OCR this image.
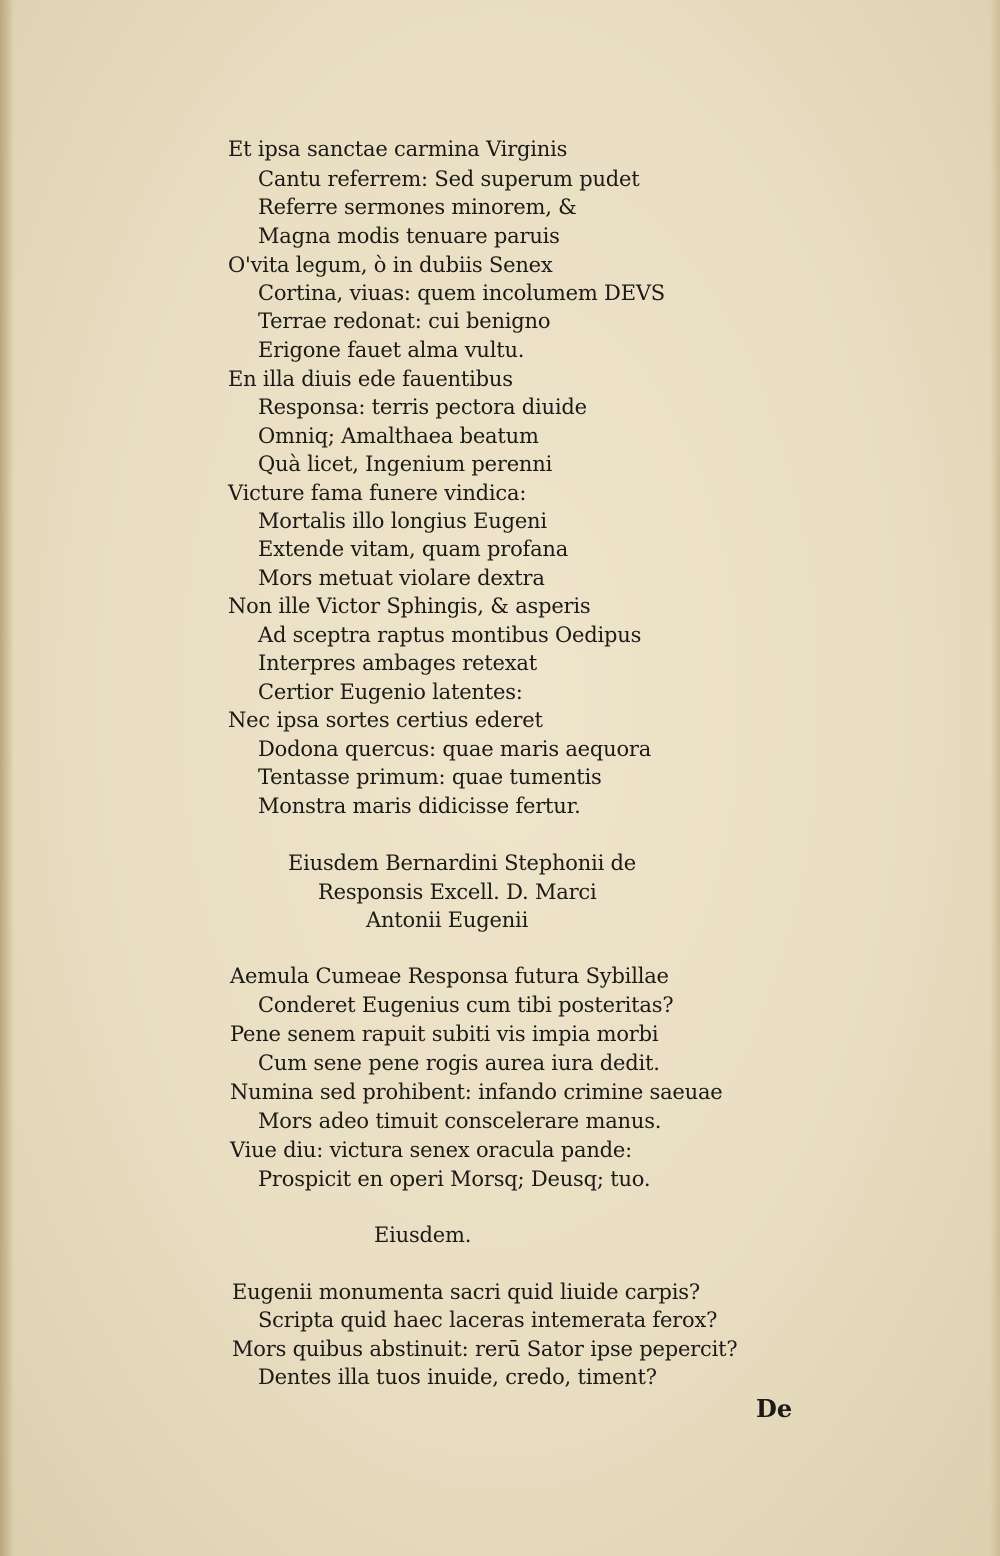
Et ipsa sanctae carmina Virginis
Cantu referrem: Sed superum pudet
Referre sermones minorem, &
Magna modis tenuare paruis
O'vita legum, ò in dubiis Senex
Cortina, viuas: quem incolumem DEVS
Terrae redonat: cui benigno
Erigone fauet alma vultu.
En illa diuis ede fauentibus
Responsa: terris pectora diuide
Omniq; Amalthaea beatum
Quà licet, Ingenium perenni
Victure fama funere vindica:
Mortalis illo longius Eugeni
Extende vitam, quam profana
Mors metuat violare dextra
Non ille Victor Sphingis, & asperis
Ad sceptra raptus montibus Oedipus
Interpres ambages retexat
Certior Eugenio latentes:
Nec ipsa sortes certius ederet
Dodona quercus: quae maris aequora
Tentasse primum: quae tumentis
Monstra maris didicisse fertur.
Eiusdem Bernardini Stephonii de
Responsis Excell. D. Marci
Antonii Eugenii
Aemula Cumeae Responsa futura Sybillae
Conderet Eugenius cum tibi posteritas?
Pene senem rapuit subiti vis impia morbi
Cum sene pene rogis aurea iura dedit.
Numina sed prohibent: infando crimine saeuae
Mors adeo timuit conscelerare manus.
Viue diu: victura senex oracula pande:
Prospicit en operi Morsq; Deusq; tuo.
Eiusdem.
Eugenii monumenta sacri quid liuide carpis?
Scripta quid haec laceras intemerata ferox?
Mors quibus abstinuit: rerū Sator ipse pepercit?
Dentes illa tuos inuide, credo, timent?
De
